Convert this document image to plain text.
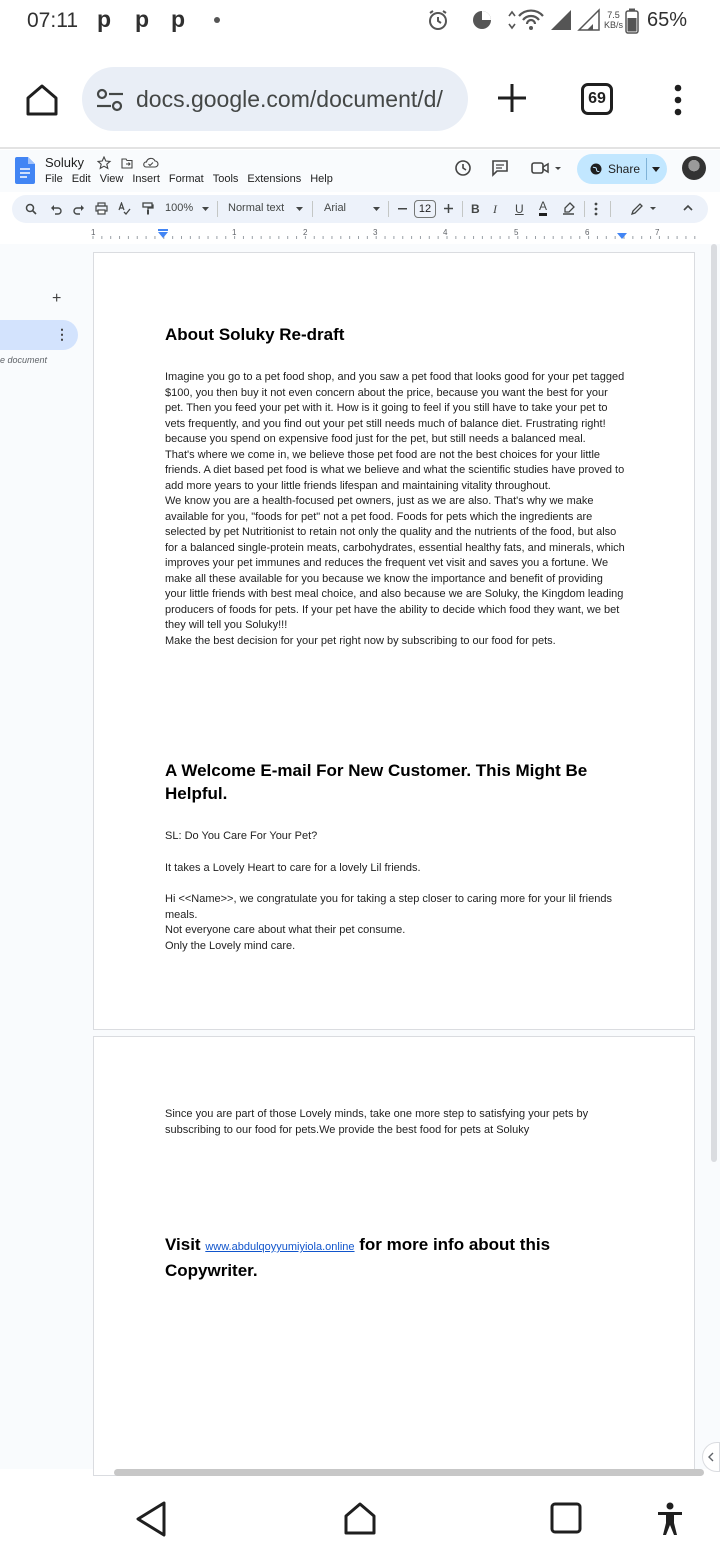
07:11 p p p	7.5
KB/s 65%
docs.google.com/document/d/	69
Soluky
File Edit View Insert Format Tools Extensions Help
Share
100%	Normal text	Arial	12	B I U A
1	1	2	3	4	5	6	7
+
⋮
e document
About Soluky Re-draft

Imagine you go to a pet food shop, and you saw a pet food that looks good for your pet tagged $100, you then buy it not even concern about the price, because you want the best for your pet. Then you feed your pet with it. How is it going to feel if you still have to take your pet to vets frequently, and you find out your pet still needs much of balance diet. Frustrating right! because you spend on expensive food just for the pet, but still needs a balanced meal.

That's where we come in, we believe those pet food are not the best choices for your little friends. A diet based pet food is what we believe and what the scientific studies have proved to add more years to your little friends lifespan and maintaining vitality throughout.

We know you are a health-focused pet owners, just as we are also. That's why we make available for you, "foods for pet" not a pet food. Foods for pets which the ingredients are selected by pet Nutritionist to retain not only the quality and the nutrients of the food, but also for a balanced single-protein meats, carbohydrates, essential healthy fats, and minerals, which improves your pet immunes and reduces the frequent vet visit and saves you a fortune. We make all these available for you because we know the importance and benefit of providing your little friends with best meal choice, and also because we are Soluky, the Kingdom leading producers of foods for pets. If your pet have the ability to decide which food they want, we bet they will tell you Soluky!!!

Make the best decision for your pet right now by subscribing to our food for pets.

A Welcome E-mail For New Customer. This Might Be Helpful.

SL: Do You Care For Your Pet?

It takes a Lovely Heart to care for a lovely Lil friends.

Hi <<Name>>, we congratulate you for taking a step closer to caring more for your lil friends meals.

Not everyone care about what their pet consume.

Only the Lovely mind care.

Since you are part of those Lovely minds, take one more step to satisfying your pets by subscribing to our food for pets.We provide the best food for pets at Soluky

Visit www.abdulqoyyumiyiola.online for more info about this Copywriter.
